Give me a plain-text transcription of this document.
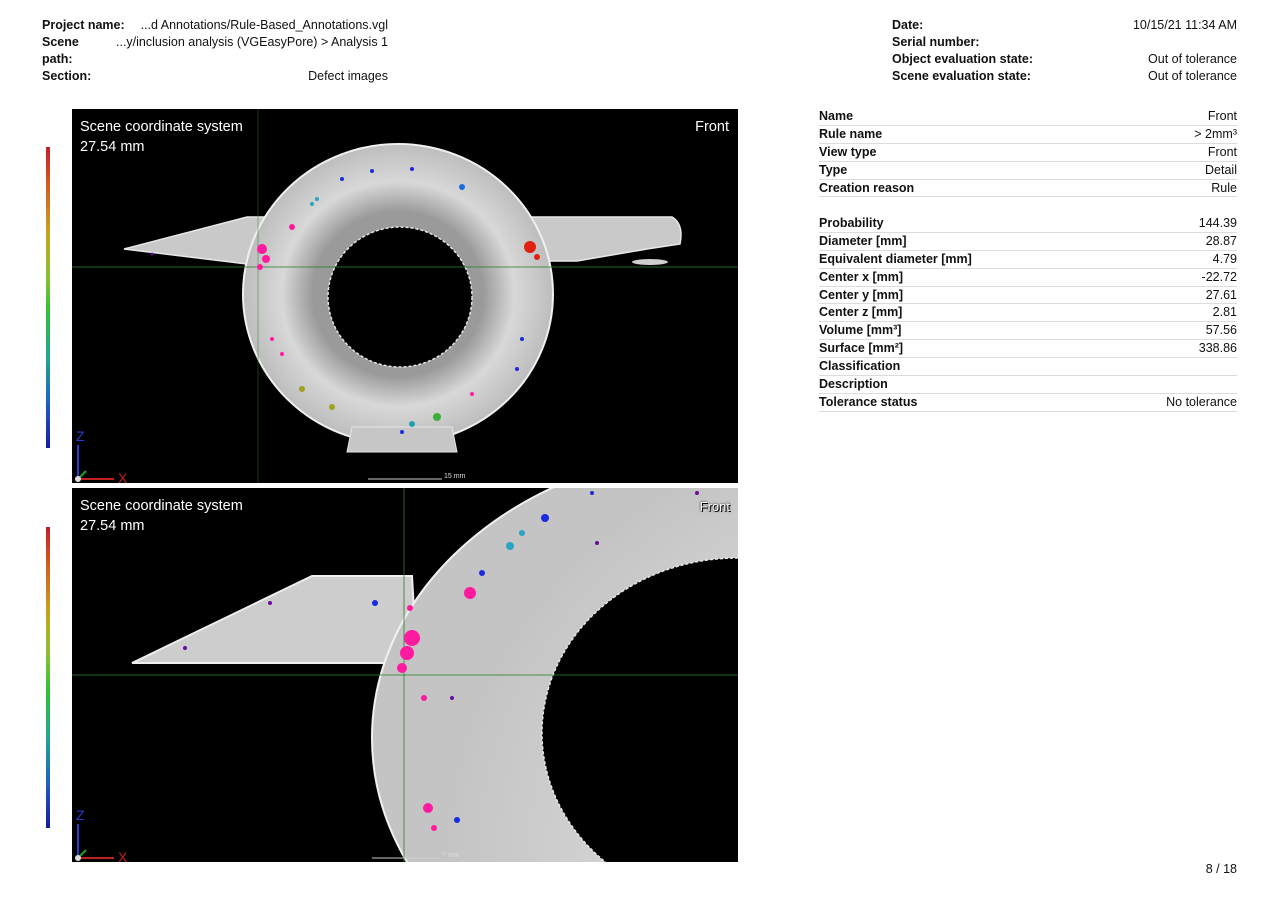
Project name: ...d Annotations/Rule-Based_Annotations.vgl
Scene path:
...y/inclusion analysis (VGEasyPore) > Analysis 1
Section:	Defect images
Date:	10/15/21 11:34 AM
Serial number:
Object evaluation state:	Out of tolerance
Scene evaluation state:	Out of tolerance
Scene coordinate system
27.54 mm
Front
15 mm
Z
X
Scene coordinate system
27.54 mm
Front
7 mm
Z
X
Name	Front
Rule name	> 2mm³
View type	Front
Type	Detail
Creation reason	Rule
Probability	144.39
Diameter [mm]	28.87
Equivalent diameter [mm]	4.79
Center x [mm]	-22.72
Center y [mm]	27.61
Center z [mm]	2.81
Volume [mm³]	57.56
Surface [mm²]	338.86
Classification
Description
Tolerance status	No tolerance
8 / 18
